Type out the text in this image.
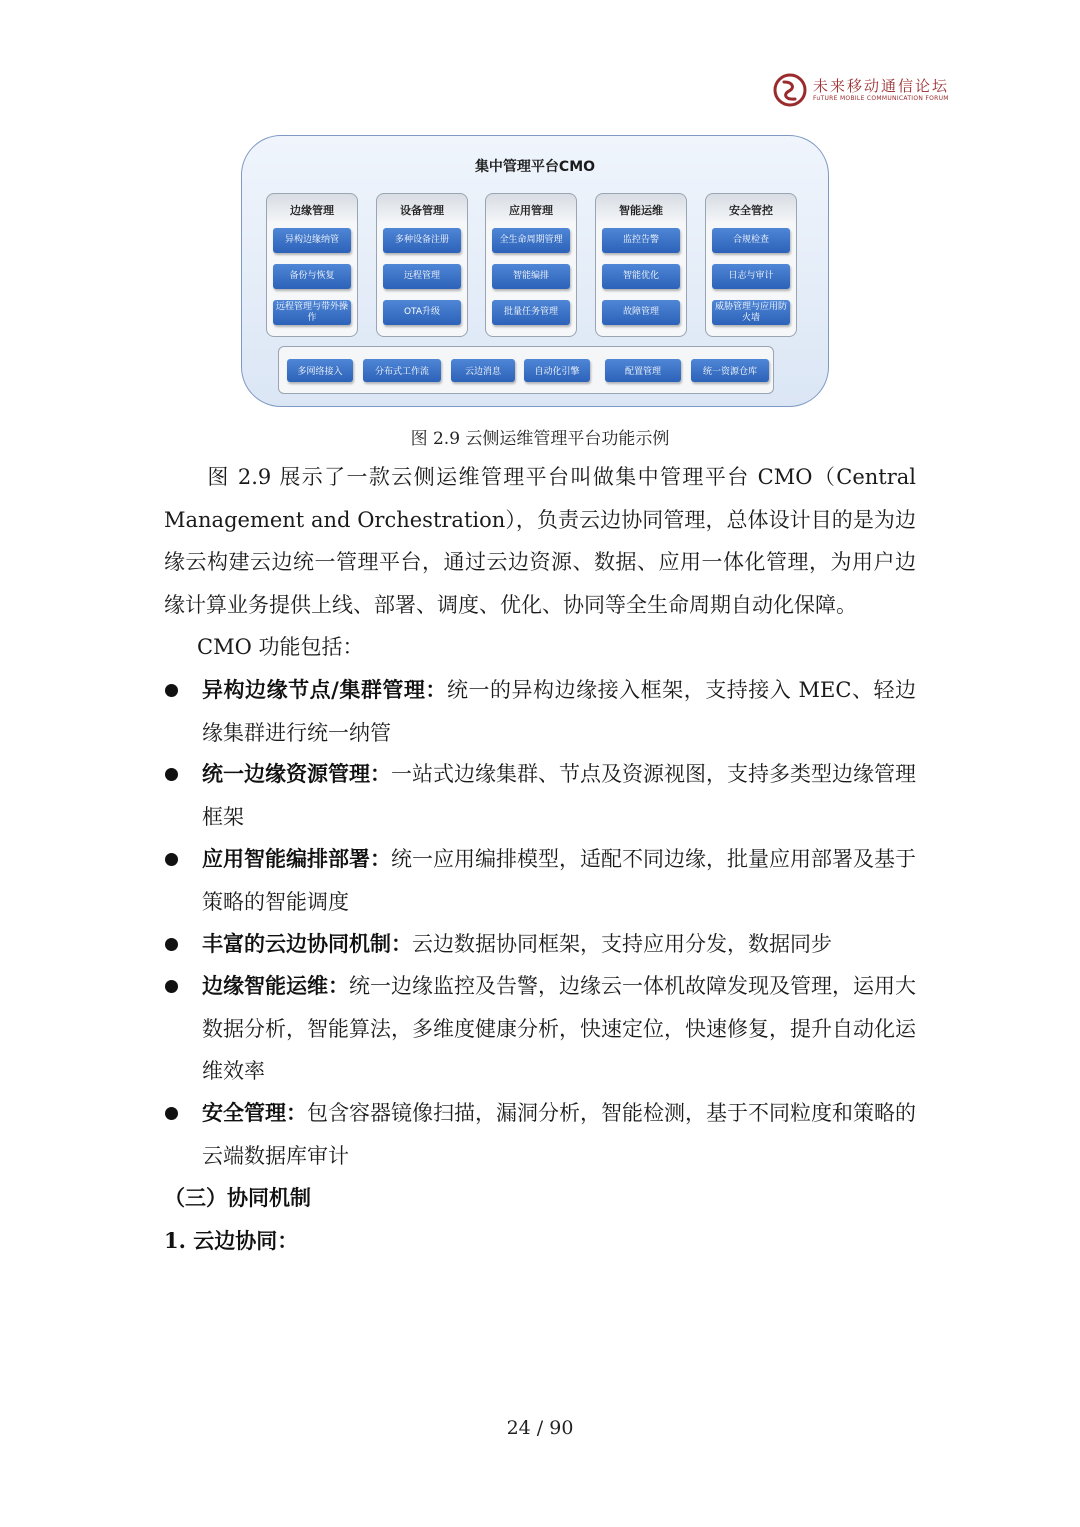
未来移动通信论坛
FuTURE MOBILE COMMUNICATION FORUM
集中管理平台CMO
边缘管理
异构边缘纳管
备份与恢复
远程管理与带外操作
设备管理
多种设备注册
远程管理
OTA升级
应用管理
全生命周期管理
智能编排
批量任务管理
智能运维
监控告警
智能优化
故障管理
安全管控
合规检查
日志与审计
威胁管理与应用防火墙
多网络接入	分布式工作流	云边消息	自动化引擎	配置管理	统一资源仓库
图 2.9 云侧运维管理平台功能示例
图 2.9 展示了一款云侧运维管理平台叫做集中管理平台 CMO（Central Management and Orchestration），负责云边协同管理，总体设计目的是为边缘云构建云边统一管理平台，通过云边资源、数据、应用一体化管理，为用户边缘计算业务提供上线、部署、调度、优化、协同等全生命周期自动化保障。
CMO 功能包括：
异构边缘节点/集群管理：统一的异构边缘接入框架，支持接入 MEC、轻边缘集群进行统一纳管
统一边缘资源管理：一站式边缘集群、节点及资源视图，支持多类型边缘管理框架
应用智能编排部署：统一应用编排模型，适配不同边缘，批量应用部署及基于策略的智能调度
丰富的云边协同机制：云边数据协同框架，支持应用分发，数据同步
边缘智能运维：统一边缘监控及告警，边缘云一体机故障发现及管理，运用大数据分析，智能算法，多维度健康分析，快速定位，快速修复，提升自动化运维效率
安全管理：包含容器镜像扫描，漏洞分析，智能检测，基于不同粒度和策略的云端数据库审计
（三）协同机制
1. 云边协同：
24 / 90
